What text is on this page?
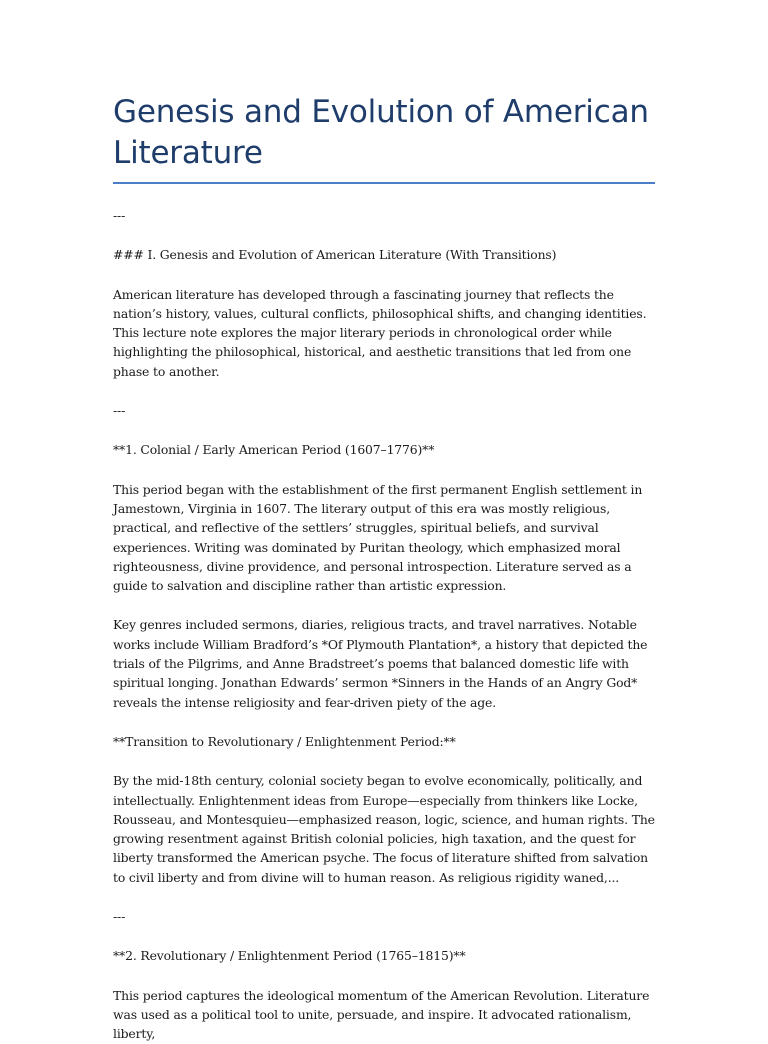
Genesis and Evolution of American Literature

---

### I. Genesis and Evolution of American Literature (With Transitions)

American literature has developed through a fascinating journey that reflects the nation’s history, values, cultural conflicts, philosophical shifts, and changing identities. This lecture note explores the major literary periods in chronological order while highlighting the philosophical, historical, and aesthetic transitions that led from one phase to another.

---

**1. Colonial / Early American Period (1607–1776)**

This period began with the establishment of the first permanent English settlement in Jamestown, Virginia in 1607. The literary output of this era was mostly religious, practical, and reflective of the settlers’ struggles, spiritual beliefs, and survival experiences. Writing was dominated by Puritan theology, which emphasized moral righteousness, divine providence, and personal introspection. Literature served as a guide to salvation and discipline rather than artistic expression.

Key genres included sermons, diaries, religious tracts, and travel narratives. Notable works include William Bradford’s *Of Plymouth Plantation*, a history that depicted the trials of the Pilgrims, and Anne Bradstreet’s poems that balanced domestic life with spiritual longing. Jonathan Edwards’ sermon *Sinners in the Hands of an Angry God* reveals the intense religiosity and fear-driven piety of the age.

**Transition to Revolutionary / Enlightenment Period:**

By the mid-18th century, colonial society began to evolve economically, politically, and intellectually. Enlightenment ideas from Europe—especially from thinkers like Locke, Rousseau, and Montesquieu—emphasized reason, logic, science, and human rights. The growing resentment against British colonial policies, high taxation, and the quest for liberty transformed the American psyche. The focus of literature shifted from salvation to civil liberty and from divine will to human reason. As religious rigidity waned,...

---

**2. Revolutionary / Enlightenment Period (1765–1815)**

This period captures the ideological momentum of the American Revolution. Literature was used as a political tool to unite, persuade, and inspire. It advocated rationalism, liberty,
